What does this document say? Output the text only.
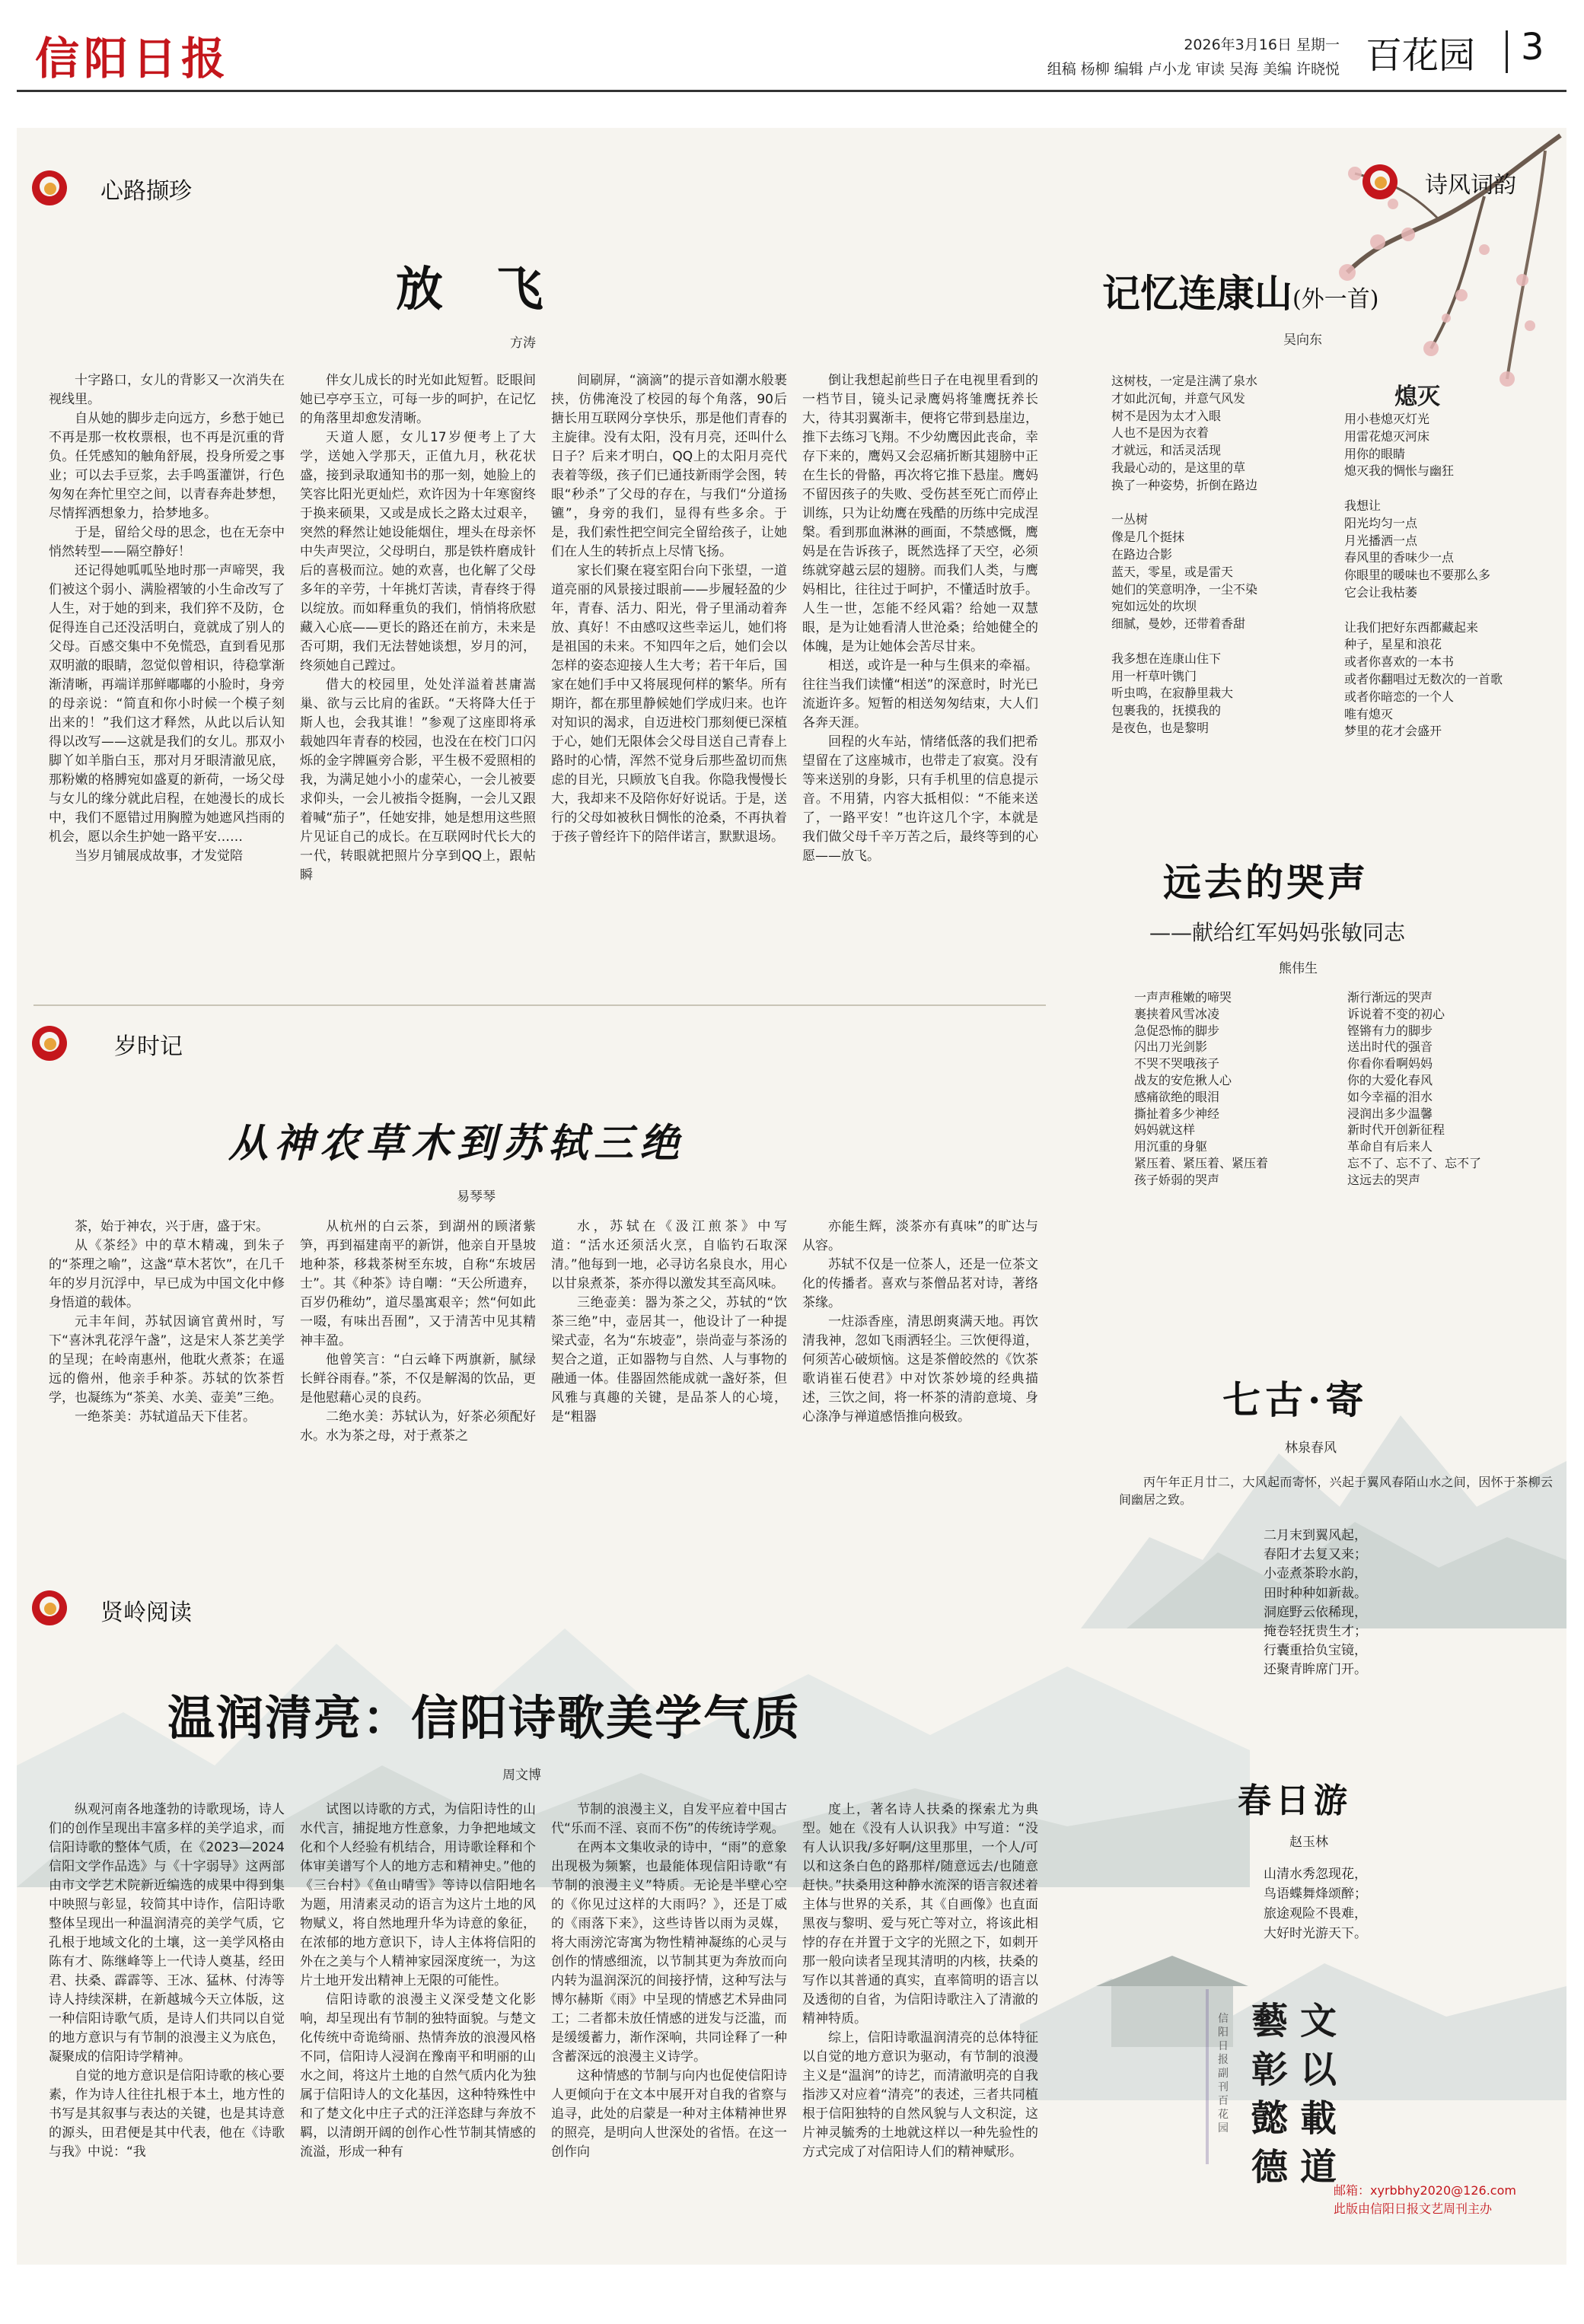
信阳日报	2026年3月16日 星期一
组稿 杨柳 编辑 卢小龙 审读 吴海 美编 许晓悦 百花园 3
心路撷珍
放 飞
方涛

十字路口，女儿的背影又一次消失在视线里。

自从她的脚步走向远方，乡愁于她已不再是那一枚枚票根，也不再是沉重的背负。任凭感知的触角舒展，投身所爱之事业；可以去手豆浆，去手鸣蛋灌饼，行色匆匆在奔忙里空之间，以青春奔赴梦想，尽情挥洒想象力，拾梦地多。

于是，留给父母的思念，也在无奈中悄然转型——隔空静好！

还记得她呱呱坠地时那一声啼哭，我们被这个弱小、满脸褶皱的小生命改写了人生，对于她的到来，我们猝不及防，仓促得连自己还没活明白，竟就成了别人的父母。百感交集中不免慌恐，直到看见那双明澈的眼睛，忽觉似曾相识，待稳掌渐渐清晰，再端详那鲜嘟嘟的小脸时，身旁的母亲说：“简直和你小时候一个模子刻出来的！”我们这才释然，从此以后认知得以改写——这就是我们的女儿。那双小脚丫如羊脂白玉，那对月牙眼清澈见底，那粉嫩的格膊宛如盛夏的新荷，一场父母与女儿的缘分就此启程，在她漫长的成长中，我们不愿错过用胸膛为她遮风挡雨的机会，愿以余生护她一路平安……

当岁月铺展成故事，才发觉陪

伴女儿成长的时光如此短暂。眨眼间她已亭亭玉立，可每一步的呵护，在记忆的角落里却愈发清晰。

天道人愿，女儿17岁便考上了大学，送她入学那天，正值九月，秋花状盛，接到录取通知书的那一刻，她脸上的笑容比阳光更灿烂，欢许因为十年寒窗终于换来硕果，又或是成长之路太过艰辛，突然的释然让她设能烟住，埋头在母亲怀中失声哭泣，父母明白，那是铁杵磨成针后的喜极而泣。她的欢喜，也化解了父母多年的辛劳，十年挑灯苦读，青春终于得以绽放。而如释重负的我们，悄悄将欣慰藏入心底——更长的路还在前方，未来是否可期，我们无法替她谈想，岁月的河，终须她自己蹚过。

借大的校园里，处处洋溢着甚庸嵩巢、欲与云比肩的雀跃。“天将降大任于斯人也，会我其谁！”参观了这座即将承载她四年青春的校园，也没在在校门口闪烁的金字牌匾旁合影，平生极不爱照相的我，为满足她小小的虚荣心，一会儿被要求仰头，一会儿被指令挺胸，一会儿又跟着喊“茄子”，任她安排，她是想用这些照片见证自己的成长。在互联网时代长大的一代，转眼就把照片分享到QQ上，跟帖瞬

间刷屏，“滴滴”的提示音如潮水般裹挟，仿佛淹没了校园的每个角落，90后搪长用互联网分享快乐，那是他们青春的主旋律。没有太阳，没有月亮，还叫什么日子？后来才明白，QQ上的太阳月亮代表着等级，孩子们已通技新雨学会图，转眼“秒杀”了父母的存在，与我们“分道扬镳”，身旁的我们，显得有些多余。于是，我们索性把空间完全留给孩子，让她们在人生的转折点上尽情飞扬。

家长们聚在寝室阳台向下张望，一道道亮丽的风景接过眼前——步履轻盈的少年，青春、活力、阳光，骨子里涌动着奔放、真好！不由感叹这些幸运儿，她们将是祖国的未来。不知四年之后，她们会以怎样的姿态迎接人生大考；若干年后，国家在她们手中又将展现何样的繁华。所有期许，都在那里静候她们学成归来。也许对知识的渴求，自迈进校门那刻便已深植于心，她们无限体会父母目送自己青春上路时的心情，浑然不觉身后那些盈切而焦虑的目光，只顾放飞自我。你隐我慢慢长大，我却来不及陪你好好说话。于是，送行的父母如被秋日惆怅的沧桑，不再执着于孩子曾经许下的陪伴诺言，默默退场。

倒让我想起前些日子在电视里看到的一档节目，镜头记录鹰妈将雏鹰抚养长大，待其羽翼渐丰，便将它带到悬崖边，推下去练习飞翔。不少幼鹰因此丧命，幸存下来的，鹰妈又会忍痛折断其翅膀中正在生长的骨骼，再次将它推下悬崖。鹰妈不留因孩子的失败、受伤甚至死亡而停止训练，只为让幼鹰在残酷的历练中完成涅槃。看到那血淋淋的画面，不禁感慨，鹰妈是在告诉孩子，既然选择了天空，必须练就穿越云层的翅膀。而我们人类，与鹰妈相比，往往过于呵护，不懂适时放手。人生一世，怎能不经风霜？给她一双慧眼，是为让她看清人世沧桑；给她健全的体魄，是为让她体会苦尽甘来。

相送，或许是一种与生俱来的牵福。往往当我们读懂“相送”的深意时，时光已流逝许多。短暂的相送匆匆结束，大人们各奔天涯。

回程的火车站，情绪低落的我们把希望留在了这座城市，也带走了寂寞。没有等来送别的身影，只有手机里的信息提示音。不用猜，内容大抵相似：“不能来送了，一路平安！”也许这几个字，本就是我们做父母千辛万苦之后，最终等到的心愿——放飞。

岁时记
从神农草木到苏轼三绝
易琴琴

茶，始于神农，兴于唐，盛于宋。

从《茶经》中的草木精魂，到朱子的“茶理之喻”，这盏“草木茗饮”，在几千年的岁月沉浮中，早已成为中国文化中修身悟道的载体。

元丰年间，苏轼因谪官黄州时，写下“喜沐乳花浮午盏”，这是宋人茶艺美学的呈现；在岭南惠州，他耽火煮茶；在遥远的儋州，他亲手种茶。苏轼的饮茶哲学，也凝练为“茶美、水美、壶美”三绝。

一绝茶美：苏轼道品天下佳茗。

从杭州的白云茶，到湖州的顾渚紫笋，再到福建南平的新饼，他亲自开垦坡地种茶，移栽茶树至东坡，自称“东坡居士”。其《种茶》诗自嘲：“天公所遗弃，百岁仍稚幼”，道尽墨寓艰辛；然“何如此一啜，有味出吾囿”，又于清苦中见其精神丰盈。

他曾笑言：“白云峰下两旗新，腻绿长鲜谷雨春。”茶，不仅是解渴的饮品，更是他慰藉心灵的良药。

二绝水美：苏轼认为，好茶必须配好水。水为茶之母，对于煮茶之

水，苏轼在《汲江煎茶》中写道：“活水还须活火烹，自临钓石取深清。”他每到一地，必寻访名泉良水，用心以甘泉煮茶，茶亦得以激发其至高风味。

三绝壶美：器为茶之父，苏轼的“饮茶三绝”中，壶居其一，他设计了一种提梁式壶，名为“东坡壶”，崇尚壶与茶汤的契合之道，正如器物与自然、人与事物的融通一体。佳器固然能成就一盏好茶，但风雅与真趣的关键，是品茶人的心境，是“粗器

亦能生辉，淡茶亦有真味”的旷达与从容。

苏轼不仅是一位茶人，还是一位茶文化的传播者。喜欢与茶僧品茗对诗，著络茶缘。

一炷添香座，清思朗爽满天地。再饮清我神，忽如飞雨洒轻尘。三饮便得道，何须苦心破烦恼。这是茶僧皎然的《饮茶歌诮崔石使君》中对饮茶妙境的经典描述，三饮之间，将一杯茶的清韵意境、身心涤净与禅道感悟推向极致。

贤岭阅读
温润清亮：信阳诗歌美学气质
周文博

纵观河南各地蓬勃的诗歌现场，诗人们的创作呈现出丰富多样的美学追求，而信阳诗歌的整体气质，在《2023—2024信阳文学作品选》与《十字弱导》这两部由市文学艺术院新近编选的成果中得到集中映照与彰显，较简其中诗作，信阳诗歌整体呈现出一种温润清亮的美学气质，它孔根于地域文化的土壤，这一美学风格由陈有才、陈继峰等上一代诗人奠基，经田君、扶桑、霹霹等、王冰、猛林、付涛等诗人持续深耕，在新越城今天立体版，这一种信阳诗歌气质，是诗人们共同以自觉的地方意识与有节制的浪漫主义为底色，凝聚成的信阳诗学精神。

自觉的地方意识是信阳诗歌的核心要素，作为诗人往往扎根于本土，地方性的书写是其叙事与表达的关键，也是其诗意的源头，田君便是其中代表，他在《诗歌与我》中说：“我

试图以诗歌的方式，为信阳诗性的山水代言，捕捉地方性意象，力争把地域文化和个人经验有机结合，用诗歌诠释和个体审美谱写个人的地方志和精神史。”他的《三台村》《鱼山晴雪》等诗以信阳地名为题，用清素灵动的语言为这片土地的风物赋义，将自然地理升华为诗意的象征，在浓郁的地方意识下，诗人主体将信阳的外在之美与个人精神家园深度统一，为这片土地开发出精神上无限的可能性。

信阳诗歌的浪漫主义深受楚文化影响，却呈现出有节制的独特面貌。与楚文化传统中奇诡绮丽、热情奔放的浪漫风格不同，信阳诗人浸润在豫南平和明丽的山水之间，将这片土地的自然气质内化为独属于信阳诗人的文化基因，这种特殊性中和了楚文化中庄子式的汪洋恣肆与奔放不羁，以清朗开阔的创作心性节制其情感的流溢，形成一种有

节制的浪漫主义，自发平应着中国古代“乐而不淫、哀而不伤”的传统诗学观。

在两本文集收录的诗中，“雨”的意象出现极为频繁，也最能体现信阳诗歌“有节制的浪漫主义”特质。无论是半壁心空的《你见过这样的大雨吗？》，还是丁威的《雨落下来》，这些诗皆以雨为灵媒，将大雨滂沱寄寓为物性精神凝练的心灵与创作的情感细流，以节制其更为奔放而向内转为温润深沉的间接抒情，这种写法与博尔赫斯《雨》中呈现的情感艺术异曲同工；二者都未放任情感的迸发与泛滥，而是缓缓蓄力，渐作深响，共同诠释了一种含蓄深远的浪漫主义诗学。

这种情感的节制与向内也促使信阳诗人更倾向于在文本中展开对自我的省察与追寻，此处的启蒙是一种对主体精神世界的照亮，是明向人世深处的省悟。在这一创作向

度上，著名诗人扶桑的探索尤为典型。她在《没有人认识我》中写道：“没有人认识我/多好啊/这里那里，一个人/可以和这条白色的路那样/随意远去/也随意赶快。”扶桑用这种静水流深的语言叙述着主体与世界的关系，其《自画像》也直面黑夜与黎明、爱与死亡等对立，将该此相悖的存在并置于文字的光照之下，如刺开那一般向读者呈现其清明的内核，扶桑的写作以其普通的真实，直率简明的语言以及透彻的自省，为信阳诗歌注入了清澈的精神特质。

综上，信阳诗歌温润清亮的总体特征以自觉的地方意识为驱动，有节制的浪漫主义是“温润”的诗艺，而清澈明亮的自我指涉又对应着“清亮”的表述，三者共同植根于信阳独特的自然风貌与人文积淀，这片神灵毓秀的土地就这样以一种先验性的方式完成了对信阳诗人们的精神赋形。

诗风词韵
记忆连康山(外一首)
吴向东
这树枝，一定是注满了泉水
才如此沉甸，并意气风发
树不是因为太才入眼
人也不是因为衣着
才就远，和活灵活现
我最心动的，是这里的草
换了一种姿势，折倒在路边

一丛树
像是几个挺抹
在路边合影
蓝天，零星，或是雷天
她们的笑意明净，一尘不染
宛如远处的坎坝
细腻，曼妙，还带着香甜

我多想在连康山住下
用一杆草叶镌门
听虫鸣，在寂静里栽大
包裹我的，抚摸我的
是夜色，也是黎明
熄灭
用小巷熄灭灯光
用雷花熄灭河床
用你的眼睛
熄灭我的惆怅与幽狂

我想让
阳光均匀一点
月光播洒一点
春风里的香味少一点
你眼里的暖味也不要那么多
它会让我枯萎

让我们把好东西都藏起来
种子，星星和浪花
或者你喜欢的一本书
或者你翻唱过无数次的一首歌
或者你暗恋的一个人
唯有熄灭
梦里的花才会盛开
远去的哭声
——献给红军妈妈张敏同志
熊伟生
一声声稚嫩的啼哭
裹挟着风雪冰凌
急促恐怖的脚步
闪出刀光剑影
不哭不哭哦孩子
战友的安危揪人心
感痛欲绝的眼泪
撕扯着多少神经
妈妈就这样
用沉重的身躯
紧压着、紧压着、紧压着
孩子娇弱的哭声
渐行渐远的哭声
诉说着不变的初心
铿锵有力的脚步
送出时代的强音
你看你看啊妈妈
你的大爱化春风
如今幸福的泪水
浸润出多少温馨
新时代开创新征程
革命自有后来人
忘不了、忘不了、忘不了
这远去的哭声
七古·寄
林泉春风

丙午年正月廿二，大风起而寄怀，兴起于翼风春陌山水之间，因怀于茶柳云间幽居之致。

二月末到翼风起，
春阳才去复又来；
小壶煮茶聆水韵，
田时种种如新裁。
洞庭野云依稀现，
掩卷轻抚贵生才；
行囊重拾负宝镜，
还聚青眸席门开。
春日游
赵玉林
山清水秀忽现花，
鸟语蝶舞烽颂醉；
旅途观险不畏难，
大好时光游天下。
信阳日报副刊百花园
藝 文
彰 以
懿 載
德 道
邮箱：xyrbbhy2020@126.com
此版由信阳日报文艺周刊主办
